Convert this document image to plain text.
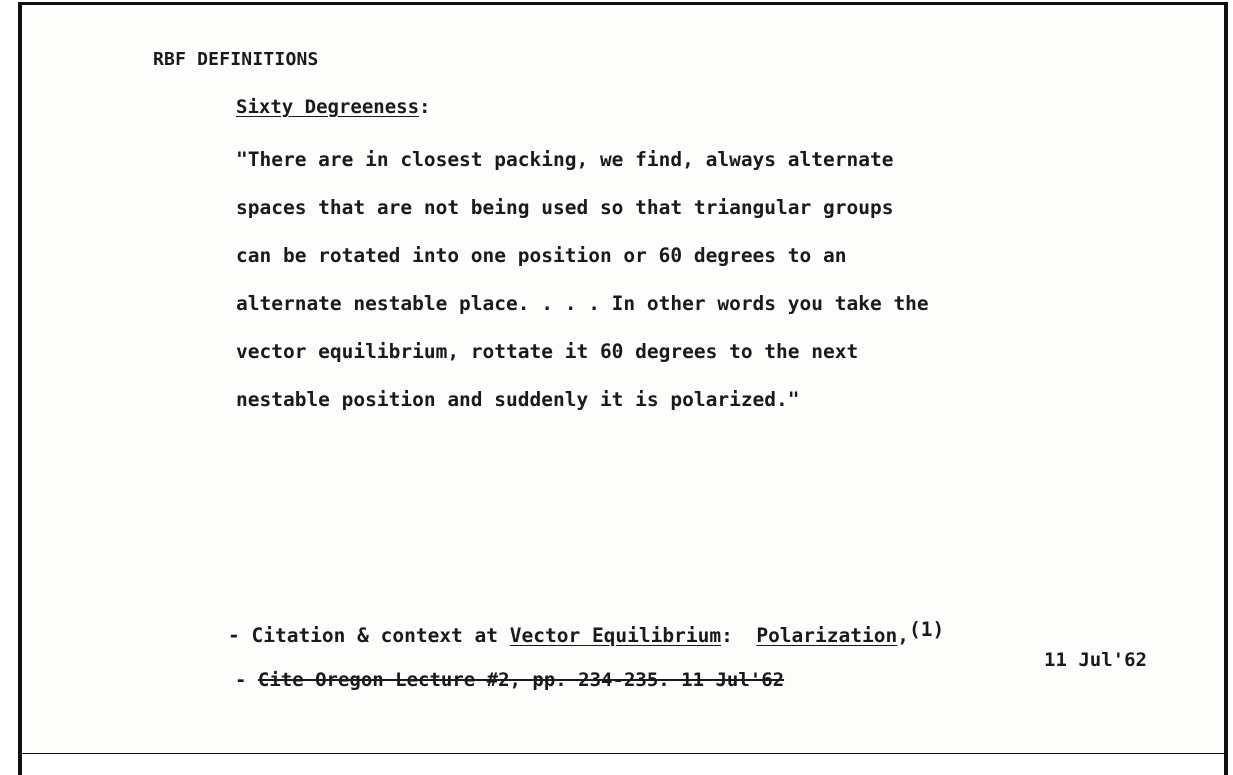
RBF DEFINITIONS
Sixty Degreeness:
"There are in closest packing, we find, always alternate
spaces that are not being used so that triangular groups
can be rotated into one position or 60 degrees to an
alternate nestable place. . . . In other words you take the
vector equilibrium, rottate it 60 degrees to the next
nestable position and suddenly it is polarized."
- Citation & context at Vector Equilibrium:  Polarization,(1)
11 Jul'62
- Cite Oregon Lecture #2, pp. 234-235. 11 Jul'62
